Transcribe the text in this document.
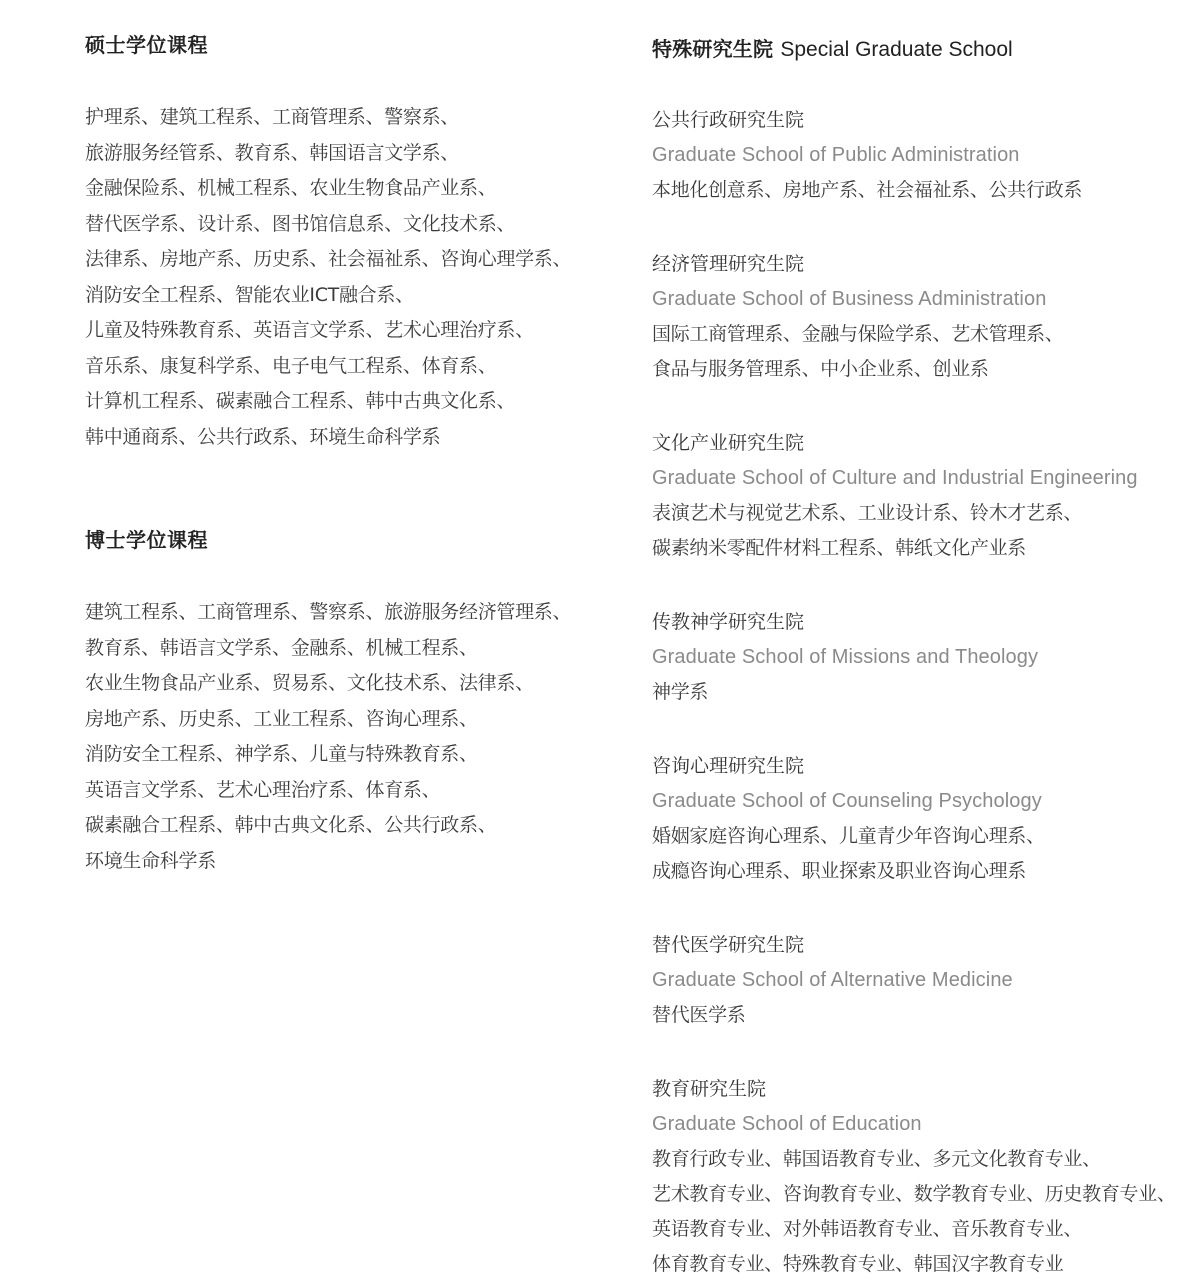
硕士学位课程
护理系、建筑工程系、工商管理系、警察系、
旅游服务经管系、教育系、韩国语言文学系、
金融保险系、机械工程系、农业生物食品产业系、
替代医学系、设计系、图书馆信息系、文化技术系、
法律系、房地产系、历史系、社会福祉系、咨询心理学系、
消防安全工程系、智能农业ICT融合系、
儿童及特殊教育系、英语言文学系、艺术心理治疗系、
音乐系、康复科学系、电子电气工程系、体育系、
计算机工程系、碳素融合工程系、韩中古典文化系、
韩中通商系、公共行政系、环境生命科学系
博士学位课程
建筑工程系、工商管理系、警察系、旅游服务经济管理系、
教育系、韩语言文学系、金融系、机械工程系、
农业生物食品产业系、贸易系、文化技术系、法律系、
房地产系、历史系、工业工程系、咨询心理系、
消防安全工程系、神学系、儿童与特殊教育系、
英语言文学系、艺术心理治疗系、体育系、
碳素融合工程系、韩中古典文化系、公共行政系、
环境生命科学系
特殊研究生院 Special Graduate School
公共行政研究生院
Graduate School of Public Administration
本地化创意系、房地产系、社会福祉系、公共行政系
经济管理研究生院
Graduate School of Business Administration
国际工商管理系、金融与保险学系、艺术管理系、
食品与服务管理系、中小企业系、创业系
文化产业研究生院
Graduate School of Culture and Industrial Engineering
表演艺术与视觉艺术系、工业设计系、铃木才艺系、
碳素纳米零配件材料工程系、韩纸文化产业系
传教神学研究生院
Graduate School of Missions and Theology
神学系
咨询心理研究生院
Graduate School of Counseling Psychology
婚姻家庭咨询心理系、儿童青少年咨询心理系、
成瘾咨询心理系、职业探索及职业咨询心理系
替代医学研究生院
Graduate School of Alternative Medicine
替代医学系
教育研究生院
Graduate School of Education
教育行政专业、韩国语教育专业、多元文化教育专业、
艺术教育专业、咨询教育专业、数学教育专业、历史教育专业、
英语教育专业、对外韩语教育专业、音乐教育专业、
体育教育专业、特殊教育专业、韩国汉字教育专业
